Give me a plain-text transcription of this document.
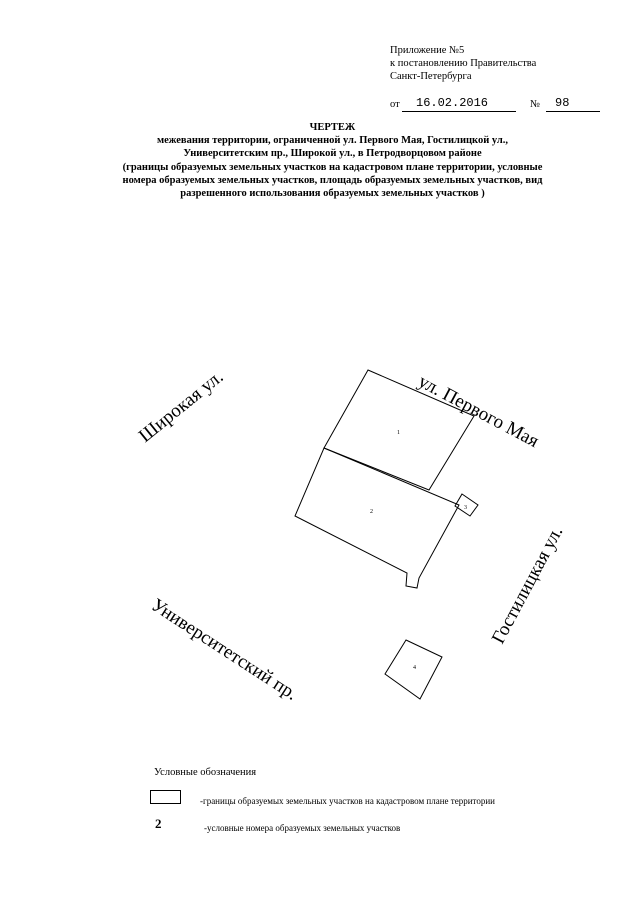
Приложение №5
к постановлению Правительства
Санкт-Петербурга
от 16.02.2016	№ 98
ЧЕРТЕЖ
межевания территории, ограниченной ул. Первого Мая, Гостилицкой ул.,
Университетским пр., Широкой ул., в Петродворцовом районе
(границы образуемых земельных участков на кадастровом плане территории, условные
номера образуемых земельных участков, площадь образуемых земельных участков, вид
разрешенного использования образуемых земельных участков )
Широкая ул.	ул. Первого Мая
Гостилицкая ул.
Университетский пр.
1
2
3
4
Условные обозначения
-границы образуемых земельных участков на кадастровом плане территории
2	-условные номера образуемых земельных участков
